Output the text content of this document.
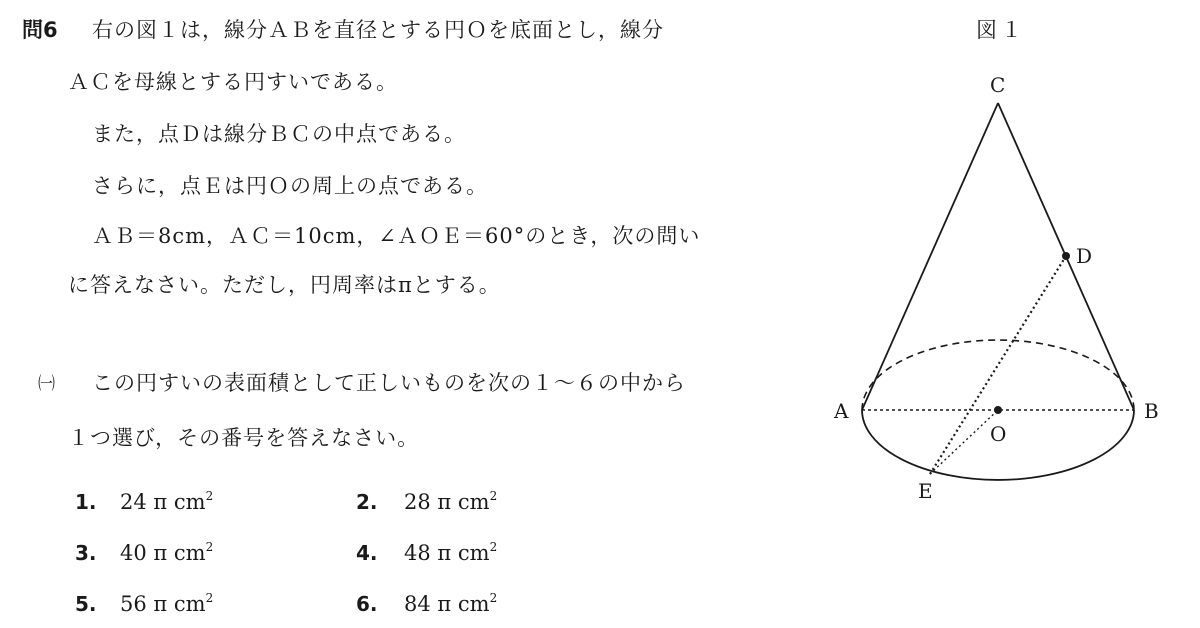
問6 右の図１は，線分ＡＢを直径とする円Ｏを底面とし，線分
ＡＣを母線とする円すいである。
また，点Ｄは線分ＢＣの中点である。
さらに，点Ｅは円Ｏの周上の点である。
ＡＢ＝8cm，ＡＣ＝10cm，∠ＡＯＥ＝60°のとき，次の問い
に答えなさい。ただし，円周率はπとする。
㈠ この円すいの表面積として正しいものを次の１～６の中から
１つ選び，その番号を答えなさい。
1. 24 π $cm^2$	2. 28 π $cm^2$
3. 40 π $cm^2$	4. 48 π $cm^2$
5. 56 π $cm^2$	6. 84 π $cm^2$
図１
C
D
A	B
O
E
